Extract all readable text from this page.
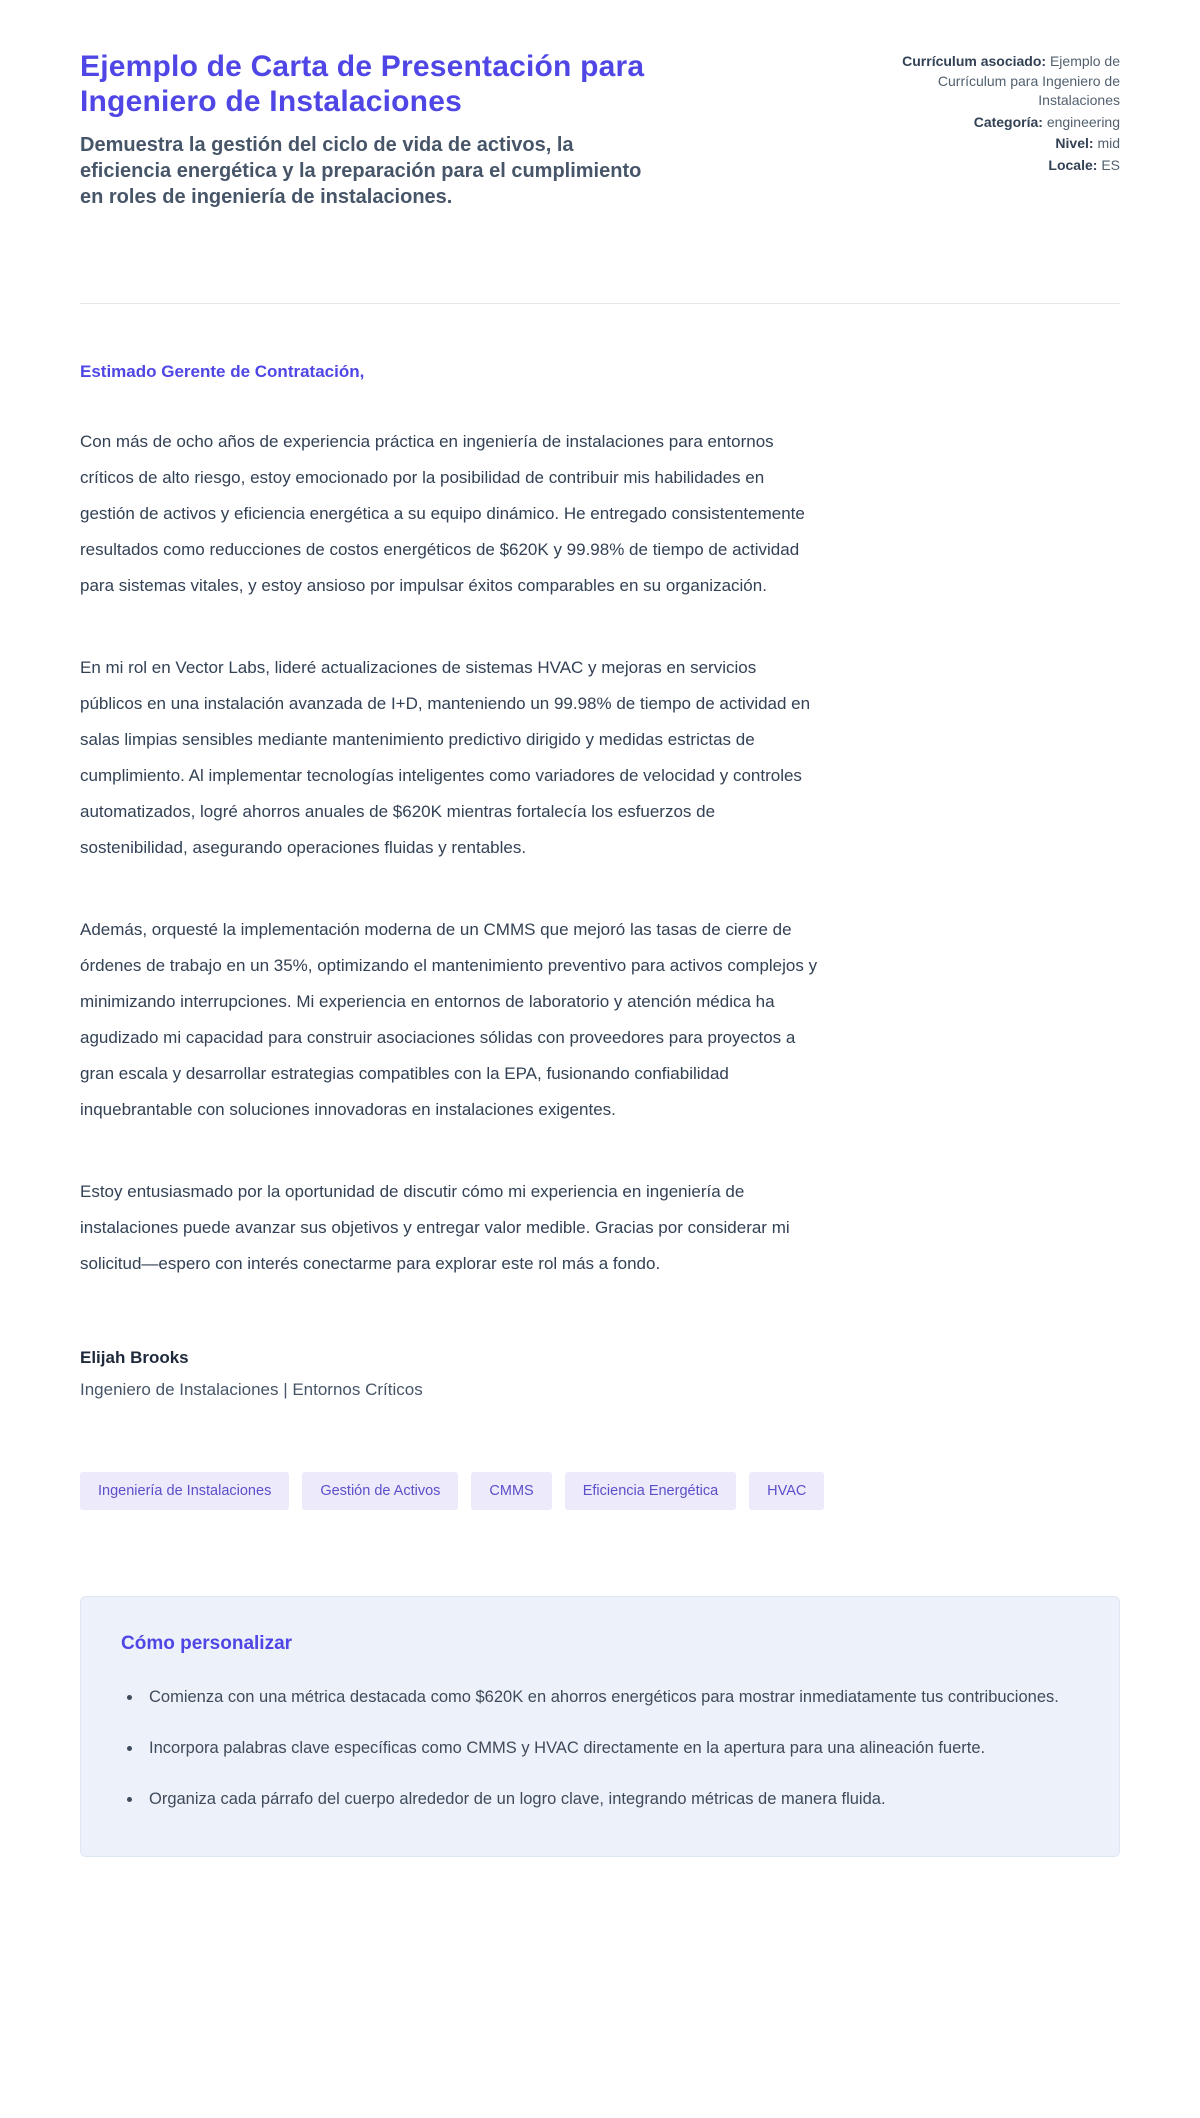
Ejemplo de Carta de Presentación para Ingeniero de Instalaciones

Demuestra la gestión del ciclo de vida de activos, la eficiencia energética y la preparación para el cumplimiento en roles de ingeniería de instalaciones.

Currículum asociado: Ejemplo de Currículum para Ingeniero de Instalaciones
Categoría: engineering
Nivel: mid
Locale: ES

Estimado Gerente de Contratación,

Con más de ocho años de experiencia práctica en ingeniería de instalaciones para entornos críticos de alto riesgo, estoy emocionado por la posibilidad de contribuir mis habilidades en gestión de activos y eficiencia energética a su equipo dinámico. He entregado consistentemente resultados como reducciones de costos energéticos de $620K y 99.98% de tiempo de actividad para sistemas vitales, y estoy ansioso por impulsar éxitos comparables en su organización.

En mi rol en Vector Labs, lideré actualizaciones de sistemas HVAC y mejoras en servicios públicos en una instalación avanzada de I+D, manteniendo un 99.98% de tiempo de actividad en salas limpias sensibles mediante mantenimiento predictivo dirigido y medidas estrictas de cumplimiento. Al implementar tecnologías inteligentes como variadores de velocidad y controles automatizados, logré ahorros anuales de $620K mientras fortalecía los esfuerzos de sostenibilidad, asegurando operaciones fluidas y rentables.

Además, orquesté la implementación moderna de un CMMS que mejoró las tasas de cierre de órdenes de trabajo en un 35%, optimizando el mantenimiento preventivo para activos complejos y minimizando interrupciones. Mi experiencia en entornos de laboratorio y atención médica ha agudizado mi capacidad para construir asociaciones sólidas con proveedores para proyectos a gran escala y desarrollar estrategias compatibles con la EPA, fusionando confiabilidad inquebrantable con soluciones innovadoras en instalaciones exigentes.

Estoy entusiasmado por la oportunidad de discutir cómo mi experiencia en ingeniería de instalaciones puede avanzar sus objetivos y entregar valor medible. Gracias por considerar mi solicitud—espero con interés conectarme para explorar este rol más a fondo.

Elijah Brooks

Ingeniero de Instalaciones | Entornos Críticos

Ingeniería de Instalaciones	Gestión de Activos	CMMS	Eficiencia Energética	HVAC
Cómo personalizar
• Comienza con una métrica destacada como $620K en ahorros energéticos para mostrar inmediatamente tus contribuciones.
• Incorpora palabras clave específicas como CMMS y HVAC directamente en la apertura para una alineación fuerte.
• Organiza cada párrafo del cuerpo alrededor de un logro clave, integrando métricas de manera fluida.
